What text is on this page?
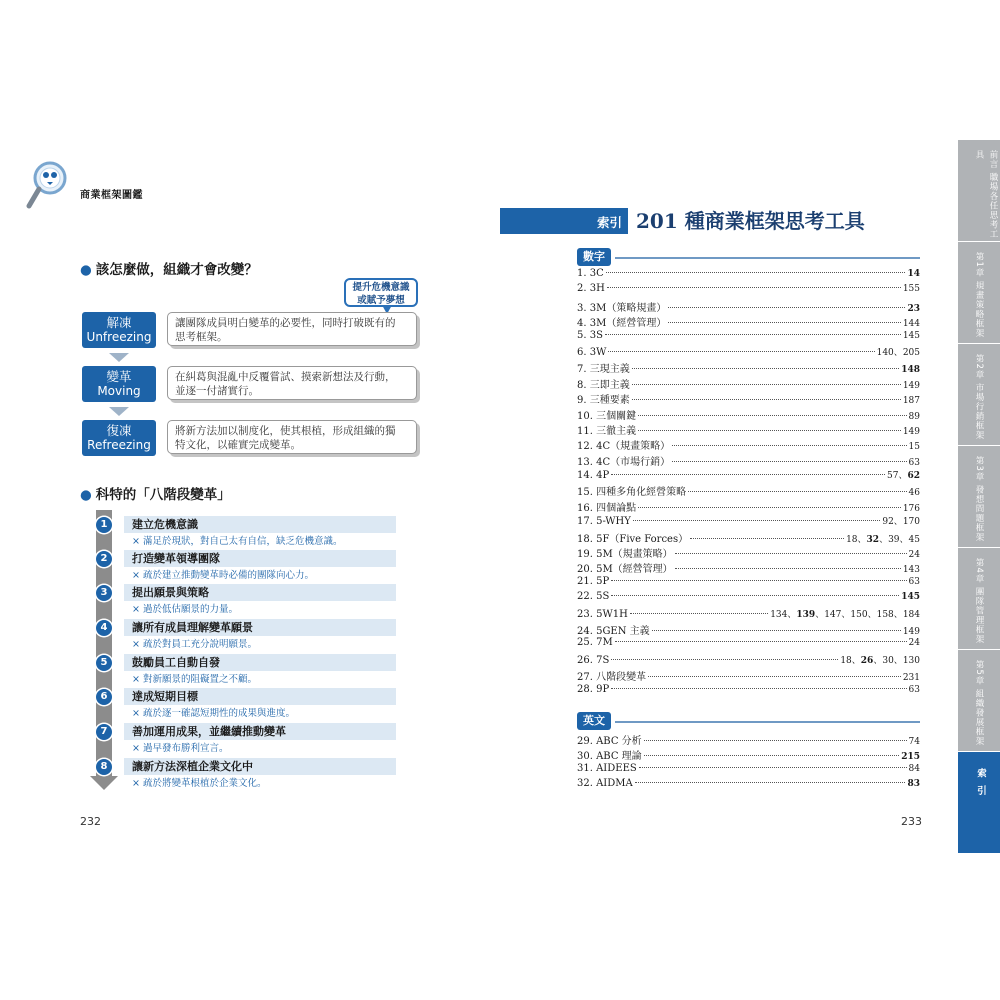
商業框架圖鑑
● 該怎麼做，組織才會改變？
提升危機意識
或賦予夢想
解凍
Unfreezing
變革
Moving
復凍
Refreezing
讓團隊成員明白變革的必要性，同時打破既有的
思考框架。
在糾葛與混亂中反覆嘗試、摸索新想法及行動，
並逐一付諸實行。
將新方法加以制度化，使其根植，形成組織的獨
特文化，以確實完成變革。
● 科特的「八階段變革」
1	建立危機意識
× 滿足於現狀，對自己太有自信，缺乏危機意識。
2	打造變革領導團隊
× 疏於建立推動變革時必備的團隊向心力。
3	提出願景與策略
× 過於低估願景的力量。
4	讓所有成員理解變革願景
× 疏於對員工充分說明願景。
5	鼓勵員工自動自發
× 對新願景的阻礙置之不顧。
6	達成短期目標
× 疏於逐一確認短期性的成果與進度。
7	善加運用成果，並繼續推動變革
× 過早發布勝利宣言。
8	讓新方法深植企業文化中
× 疏於將變革根植於企業文化。
232
索引 201 種商業框架思考工具
數字
1. 3C	14
2. 3H	155
3. 3M（策略規畫）	23
4. 3M（經營管理）	144
5. 3S	145
6. 3W	140、205
7. 三現主義	148
8. 三即主義	149
9. 三種要素	187
10. 三個關鍵	89
11. 三徹主義	149
12. 4C（規畫策略）	15
13. 4C（市場行銷）	63
14. 4P	57、62
15. 四種多角化經營策略	46
16. 四個論點	176
17. 5-WHY	92、170
18. 5F（Five Forces）	18、32、39、45
19. 5M（規畫策略）	24
20. 5M（經營管理）	143
21. 5P	63
22. 5S	145
23. 5W1H	134、139、147、150、158、184
24. 5GEN 主義	149
25. 7M	24
26. 7S	18、26、30、130
27. 八階段變革	231
28. 9P	63
英文
29. ABC 分析	74
30. ABC 理論	215
31. AIDEES	84
32. AIDMA	83
233
前言 職場各任思考工具
第1章 規畫策略框架
第2章 市場行銷框架
第3章 發想問題框架
第4章 團隊管理框架
第5章 組織發展框架
索引
